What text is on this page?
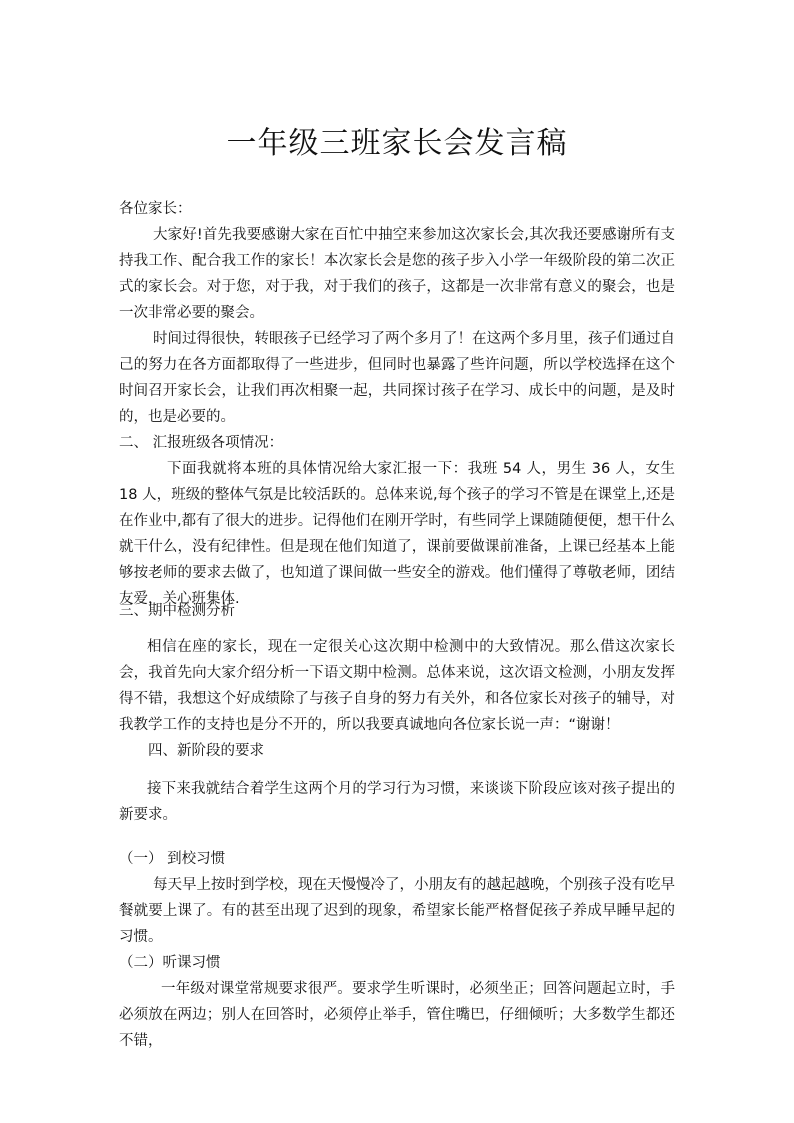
一年级三班家长会发言稿

各位家长：

大家好!首先我要感谢大家在百忙中抽空来参加这次家长会,其次我还要感谢所有支持我工作、配合我工作的家长！本次家长会是您的孩子步入小学一年级阶段的第二次正式的家长会。对于您，对于我，对于我们的孩子，这都是一次非常有意义的聚会，也是一次非常必要的聚会。

时间过得很快，转眼孩子已经学习了两个多月了！在这两个多月里，孩子们通过自己的努力在各方面都取得了一些进步，但同时也暴露了些许问题，所以学校选择在这个时间召开家长会，让我们再次相聚一起，共同探讨孩子在学习、成长中的问题，是及时的，也是必要的。

二、 汇报班级各项情况：

下面我就将本班的具体情况给大家汇报一下：我班 54 人，男生 36 人，女生 18 人，班级的整体气氛是比较活跃的。总体来说,每个孩子的学习不管是在课堂上,还是在作业中,都有了很大的进步。记得他们在刚开学时，有些同学上课随随便便，想干什么就干什么，没有纪律性。但是现在他们知道了，课前要做课前准备，上课已经基本上能够按老师的要求去做了，也知道了课间做一些安全的游戏。他们懂得了尊敬老师，团结友爱，关心班集体.

三、期中检测分析

相信在座的家长，现在一定很关心这次期中检测中的大致情况。那么借这次家长会，我首先向大家介绍分析一下语文期中检测。总体来说，这次语文检测，小朋友发挥得不错，我想这个好成绩除了与孩子自身的努力有关外，和各位家长对孩子的辅导，对我教学工作的支持也是分不开的，所以我要真诚地向各位家长说一声：“谢谢！

四、新阶段的要求

接下来我就结合着学生这两个月的学习行为习惯，来谈谈下阶段应该对孩子提出的新要求。

（一） 到校习惯

每天早上按时到学校，现在天慢慢冷了，小朋友有的越起越晚，个别孩子没有吃早餐就要上课了。有的甚至出现了迟到的现象，希望家长能严格督促孩子养成早睡早起的习惯。

（二）听课习惯

一年级对课堂常规要求很严。要求学生听课时，必须坐正；回答问题起立时，手必须放在两边；别人在回答时，必须停止举手，管住嘴巴，仔细倾听；大多数学生都还不错，
